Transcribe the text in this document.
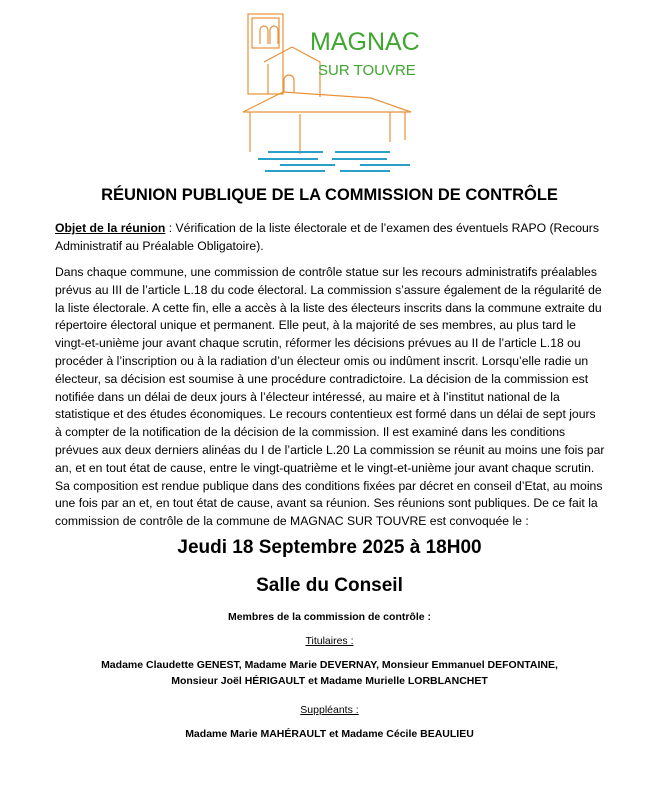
MAGNAC
SUR TOUVRE
RÉUNION PUBLIQUE DE LA COMMISSION DE CONTRÔLE
Objet de la réunion : Vérification de la liste électorale et de l’examen des éventuels RAPO (Recours
Administratif au Préalable Obligatoire).
Dans chaque commune, une commission de contrôle statue sur les recours administratifs préalables
prévus au III de l’article L.18 du code électoral. La commission s’assure également de la régularité de
la liste électorale. A cette fin, elle a accès à la liste des électeurs inscrits dans la commune extraite du
répertoire électoral unique et permanent. Elle peut, à la majorité de ses membres, au plus tard le
vingt-et-unième jour avant chaque scrutin, réformer les décisions prévues au II de l’article L.18 ou
procéder à l’inscription ou à la radiation d’un électeur omis ou indûment inscrit. Lorsqu’elle radie un
électeur, sa décision est soumise à une procédure contradictoire. La décision de la commission est
notifiée dans un délai de deux jours à l’électeur intéressé, au maire et à l’institut national de la
statistique et des études économiques. Le recours contentieux est formé dans un délai de sept jours
à compter de la notification de la décision de la commission. Il est examiné dans les conditions
prévues aux deux derniers alinéas du I de l’article L.20 La commission se réunit au moins une fois par
an, et en tout état de cause, entre le vingt-quatrième et le vingt-et-unième jour avant chaque scrutin.
Sa composition est rendue publique dans des conditions fixées par décret en conseil d’Etat, au moins
une fois par an et, en tout état de cause, avant sa réunion. Ses réunions sont publiques. De ce fait la
commission de contrôle de la commune de MAGNAC SUR TOUVRE est convoquée le :
Jeudi 18 Septembre 2025 à 18H00
Salle du Conseil
Membres de la commission de contrôle :
Titulaires :
Madame Claudette GENEST, Madame Marie DEVERNAY, Monsieur Emmanuel DEFONTAINE,
Monsieur Joël HÉRIGAULT et Madame Murielle LORBLANCHET
Suppléants :
Madame Marie MAHÉRAULT et Madame Cécile BEAULIEU
